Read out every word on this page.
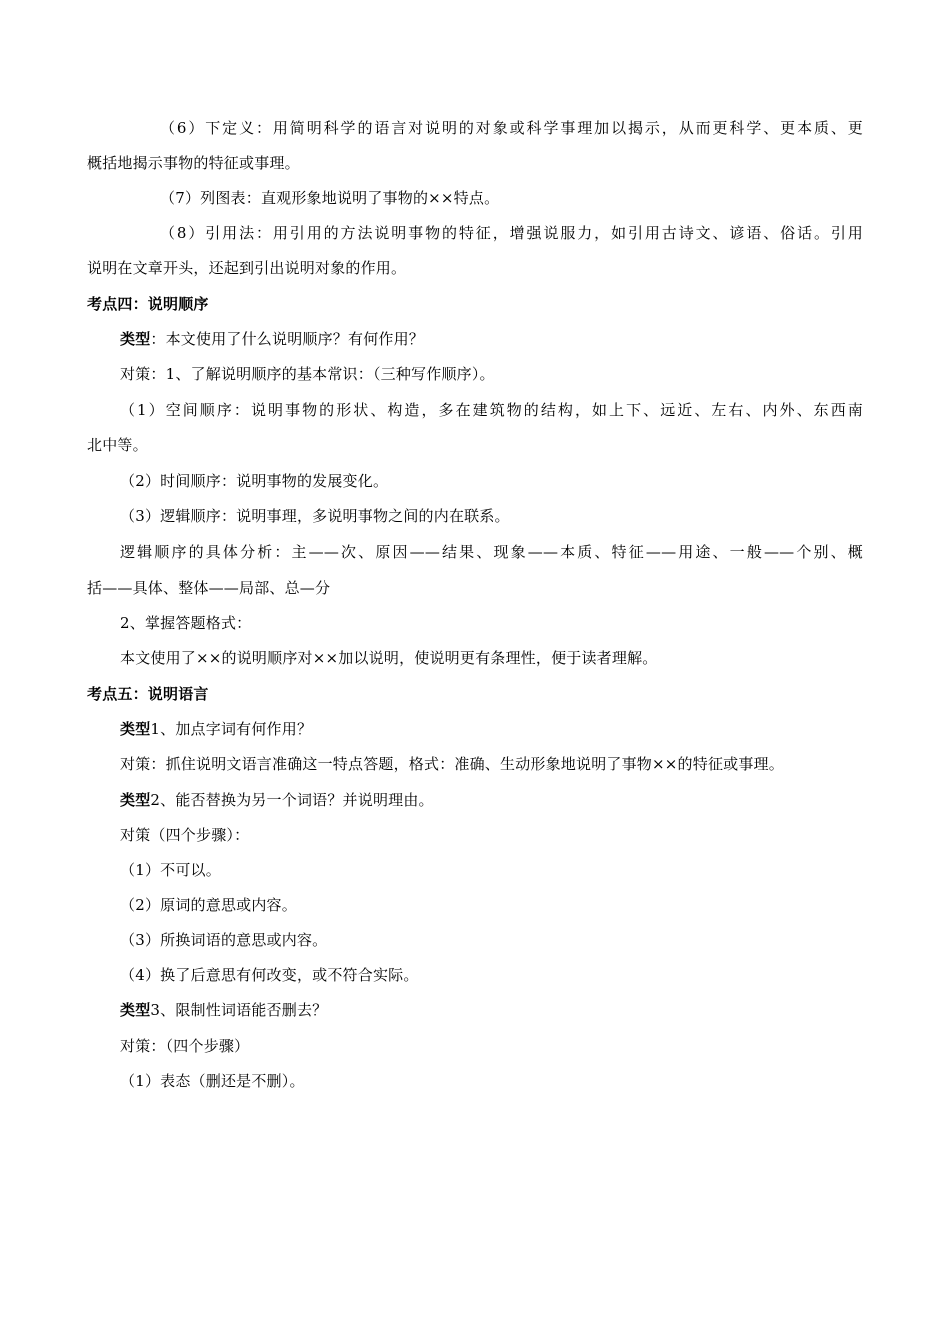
（6）下定义：用简明科学的语言对说明的对象或科学事理加以揭示，从而更科学、更本质、更
概括地揭示事物的特征或事理。
（7）列图表：直观形象地说明了事物的××特点。
（8）引用法：用引用的方法说明事物的特征，增强说服力，如引用古诗文、谚语、俗话。引用
说明在文章开头，还起到引出说明对象的作用。
考点四：说明顺序
类型：本文使用了什么说明顺序？有何作用？
对策：1、了解说明顺序的基本常识：（三种写作顺序）。
（1）空间顺序：说明事物的形状、构造，多在建筑物的结构，如上下、远近、左右、内外、东西南
北中等。
（2）时间顺序：说明事物的发展变化。
（3）逻辑顺序：说明事理，多说明事物之间的内在联系。
逻辑顺序的具体分析：主——次、原因——结果、现象——本质、特征——用途、一般——个别、概
括——具体、整体——局部、总—分
2、掌握答题格式：
本文使用了××的说明顺序对××加以说明，使说明更有条理性，便于读者理解。
考点五：说明语言
类型1、加点字词有何作用？
对策：抓住说明文语言准确这一特点答题，格式：准确、生动形象地说明了事物××的特征或事理。
类型2、能否替换为另一个词语？并说明理由。
对策（四个步骤）：
（1）不可以。
（2）原词的意思或内容。
（3）所换词语的意思或内容。
（4）换了后意思有何改变，或不符合实际。
类型3、限制性词语能否删去？
对策：（四个步骤）
（1）表态（删还是不删）。
